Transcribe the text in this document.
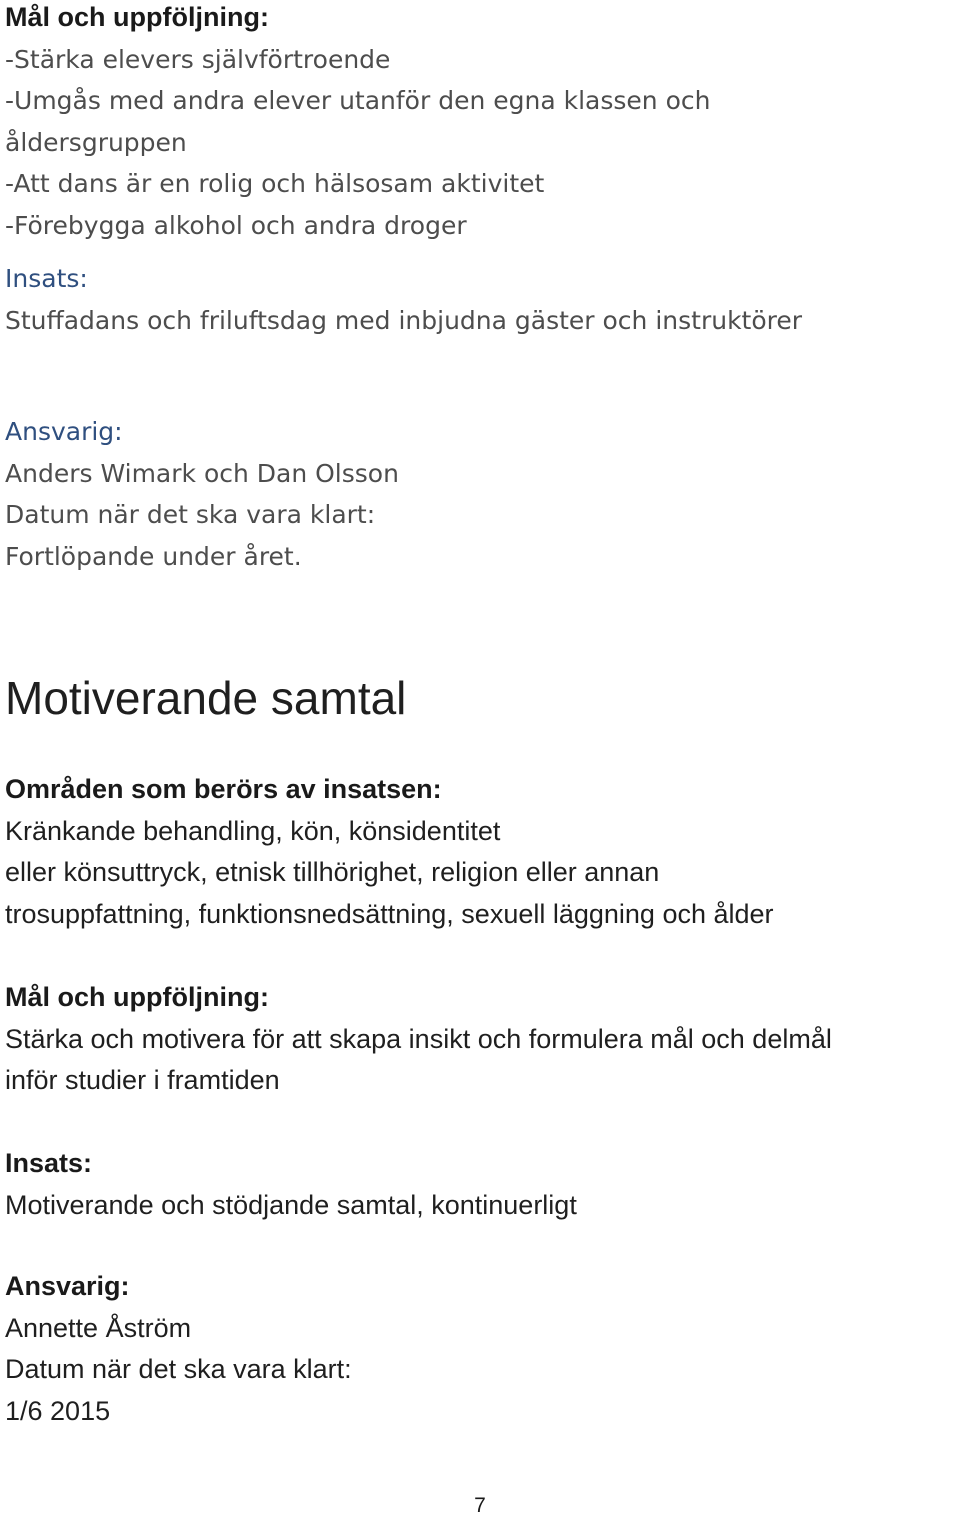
Mål och uppföljning:
-Stärka elevers självförtroende
-Umgås med andra elever utanför den egna klassen och
åldersgruppen
-Att dans är en rolig och hälsosam aktivitet
-Förebygga alkohol och andra droger
Insats:
Stuffadans och friluftsdag med inbjudna gäster och instruktörer
Ansvarig:
Anders Wimark och Dan Olsson
Datum när det ska vara klart:
Fortlöpande under året.
Motiverande samtal
Områden som berörs av insatsen:
Kränkande behandling, kön, könsidentitet
eller könsuttryck, etnisk tillhörighet, religion eller annan
trosuppfattning, funktionsnedsättning, sexuell läggning och ålder
Mål och uppföljning:
Stärka och motivera för att skapa insikt och formulera mål och delmål
inför studier i framtiden
Insats:
Motiverande och stödjande samtal, kontinuerligt
Ansvarig:
Annette Åström
Datum när det ska vara klart:
1/6 2015
7
